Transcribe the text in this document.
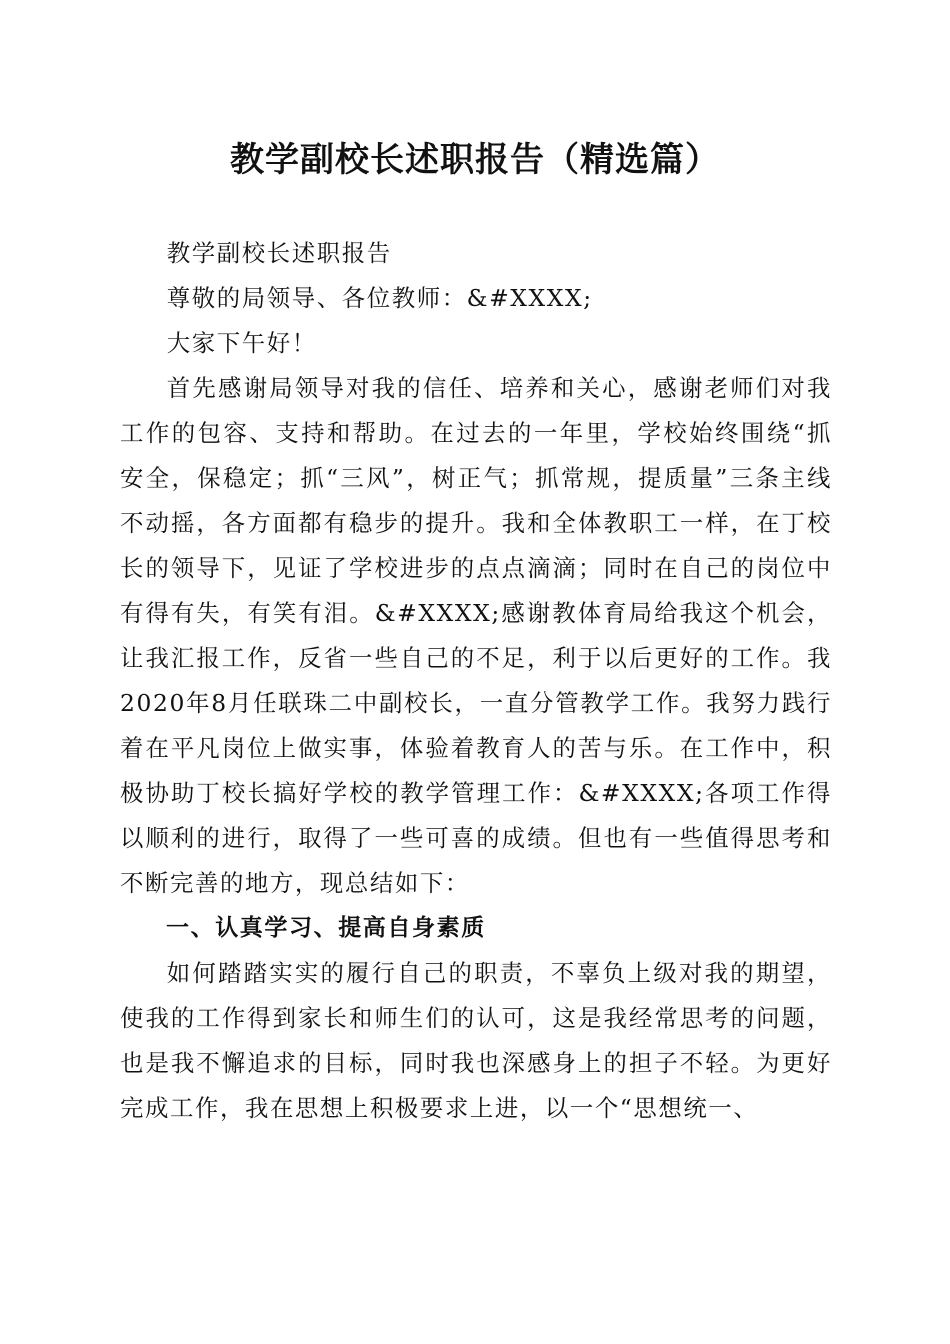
教学副校长述职报告（精选篇）

教学副校长述职报告

尊敬的局领导、各位教师：&#XXXX;

大家下午好！

首先感谢局领导对我的信任、培养和关心，感谢老师们对我工作的包容、支持和帮助。在过去的一年里，学校始终围绕“抓安全，保稳定；抓“三风”，树正气；抓常规，提质量”三条主线不动摇，各方面都有稳步的提升。我和全体教职工一样，在丁校长的领导下，见证了学校进步的点点滴滴；同时在自己的岗位中有得有失，有笑有泪。&#XXXX;感谢教体育局给我这个机会，让我汇报工作，反省一些自己的不足，利于以后更好的工作。我2020年8月任联珠二中副校长，一直分管教学工作。我努力践行着在平凡岗位上做实事，体验着教育人的苦与乐。在工作中，积极协助丁校长搞好学校的教学管理工作：&#XXXX;各项工作得以顺利的进行，取得了一些可喜的成绩。但也有一些值得思考和不断完善的地方，现总结如下：

一、认真学习、提高自身素质

如何踏踏实实的履行自己的职责，不辜负上级对我的期望，使我的工作得到家长和师生们的认可，这是我经常思考的问题，也是我不懈追求的目标，同时我也深感身上的担子不轻。为更好完成工作，我在思想上积极要求上进，以一个“思想统一、
